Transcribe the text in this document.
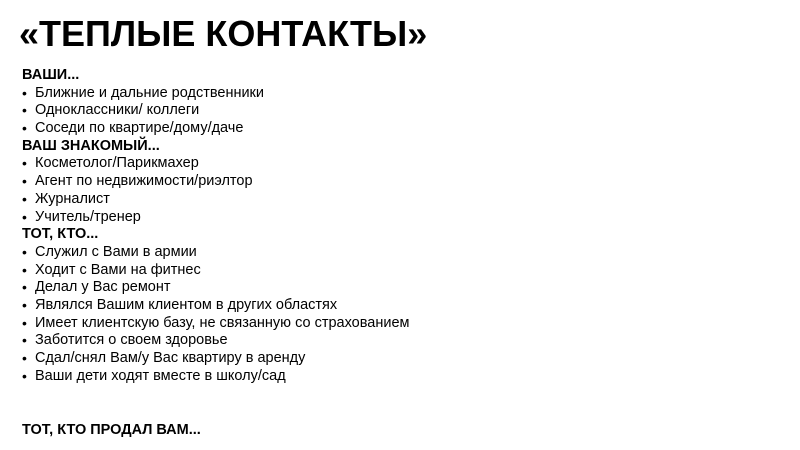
«ТЕПЛЫЕ КОНТАКТЫ»
ВАШИ...
• Ближние и дальние родственники
• Одноклассники/ коллеги
• Соседи по квартире/дому/даче
ВАШ ЗНАКОМЫЙ...
• Косметолог/Парикмахер
• Агент по недвижимости/риэлтор
• Журналист
• Учитель/тренер
ТОТ, КТО...
• Служил с Вами в армии
• Ходит с Вами на фитнес
• Делал у Вас ремонт
• Являлся Вашим клиентом в других областях
• Имеет клиентскую базу, не связанную со страхованием
• Заботится о своем здоровье
• Сдал/снял Вам/у Вас квартиру в аренду
• Ваши дети ходят вместе в школу/сад
ТОТ, КТО ПРОДАЛ ВАМ...
